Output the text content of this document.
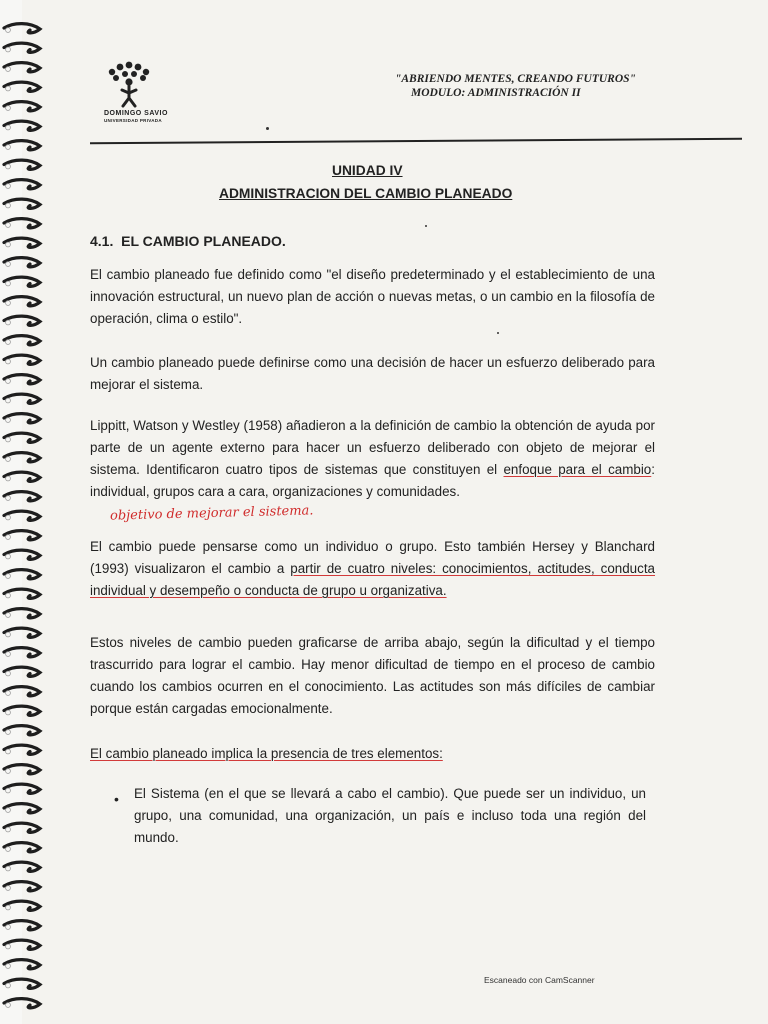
DOMINGO SAVIO
UNIVERSIDAD PRIVADA
"ABRIENDO MENTES, CREANDO FUTUROS"
MODULO: ADMINISTRACIÓN II
UNIDAD IV
ADMINISTRACION DEL CAMBIO PLANEADO
4.1. EL CAMBIO PLANEADO.
El cambio planeado fue definido como "el diseño predeterminado y el establecimiento de una innovación estructural, un nuevo plan de acción o nuevas metas, o un cambio en la filosofía de operación, clima o estilo".
Un cambio planeado puede definirse como una decisión de hacer un esfuerzo deliberado para mejorar el sistema.
Lippitt, Watson y Westley (1958) añadieron a la definición de cambio la obtención de ayuda por parte de un agente externo para hacer un esfuerzo deliberado con objeto de mejorar el sistema. Identificaron cuatro tipos de sistemas que constituyen el enfoque para el cambio: individual, grupos cara a cara, organizaciones y comunidades.
objetivo de mejorar el sistema.
El cambio puede pensarse como un individuo o grupo. Esto también Hersey y Blanchard (1993) visualizaron el cambio a partir de cuatro niveles: conocimientos, actitudes, conducta individual y desempeño o conducta de grupo u organizativa.
Estos niveles de cambio pueden graficarse de arriba abajo, según la dificultad y el tiempo trascurrido para lograr el cambio. Hay menor dificultad de tiempo en el proceso de cambio cuando los cambios ocurren en el conocimiento. Las actitudes son más difíciles de cambiar porque están cargadas emocionalmente.
El cambio planeado implica la presencia de tres elementos:
• El Sistema (en el que se llevará a cabo el cambio). Que puede ser un individuo, un grupo, una comunidad, una organización, un país e incluso toda una región del mundo.
Escaneado con CamScanner
